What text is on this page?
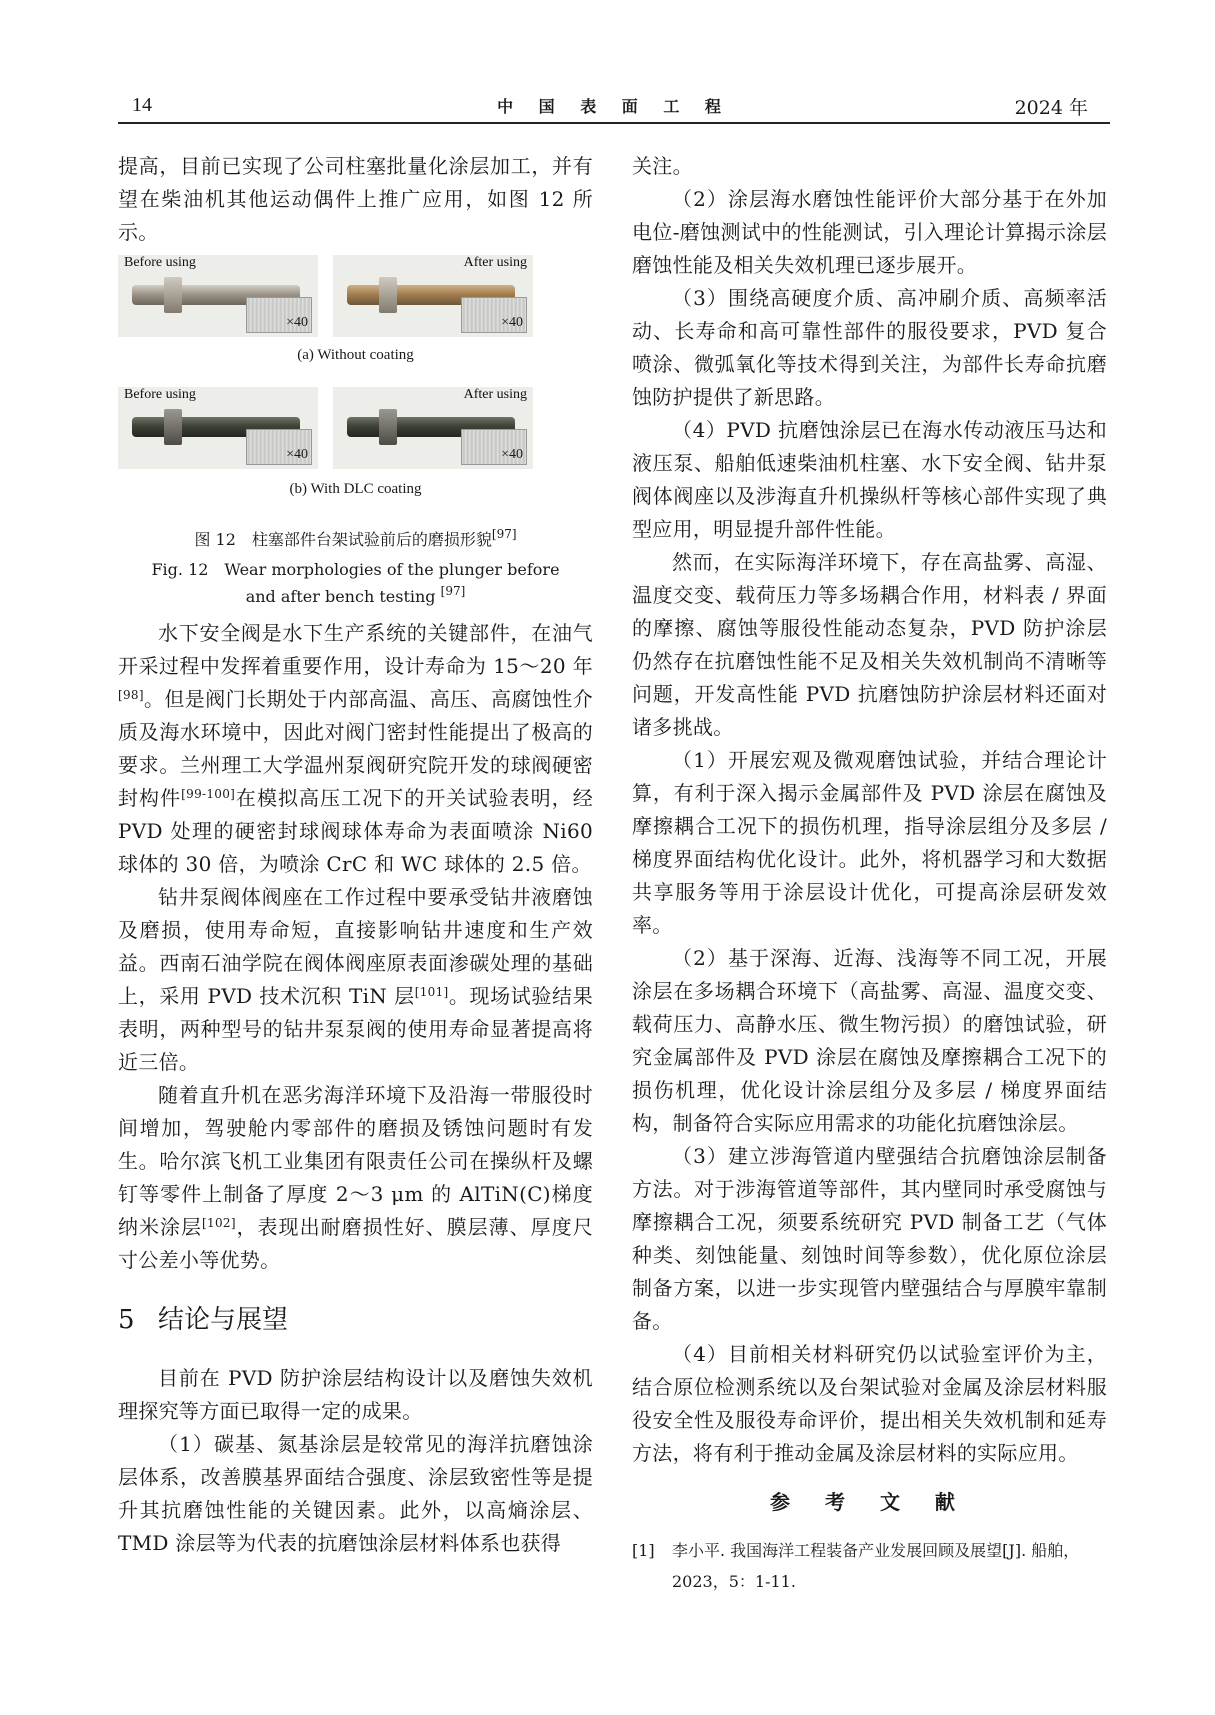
14	中 国 表 面 工 程	2024 年

提高，目前已实现了公司柱塞批量化涂层加工，并有望在柴油机其他运动偶件上推广应用，如图 12 所示。

Before using
×40
After using
×40
(a) Without coating
Before using
×40
After using
×40
(b) With DLC coating
图 12　柱塞部件台架试验前后的磨损形貌[97]
Fig. 12　Wear morphologies of the plunger before
and after bench testing [97]

水下安全阀是水下生产系统的关键部件，在油气开采过程中发挥着重要作用，设计寿命为 15～20 年[98]。但是阀门长期处于内部高温、高压、高腐蚀性介质及海水环境中，因此对阀门密封性能提出了极高的要求。兰州理工大学温州泵阀研究院开发的球阀硬密封构件[99-100]在模拟高压工况下的开关试验表明，经 PVD 处理的硬密封球阀球体寿命为表面喷涂 Ni60 球体的 30 倍，为喷涂 CrC 和 WC 球体的 2.5 倍。

钻井泵阀体阀座在工作过程中要承受钻井液磨蚀及磨损，使用寿命短，直接影响钻井速度和生产效益。西南石油学院在阀体阀座原表面渗碳处理的基础上，采用 PVD 技术沉积 TiN 层[101]。现场试验结果表明，两种型号的钻井泵泵阀的使用寿命显著提高将近三倍。

随着直升机在恶劣海洋环境下及沿海一带服役时间增加，驾驶舱内零部件的磨损及锈蚀问题时有发生。哈尔滨飞机工业集团有限责任公司在操纵杆及螺钉等零件上制备了厚度 2～3 μm 的 AlTiN(C)梯度纳米涂层[102]，表现出耐磨损性好、膜层薄、厚度尺寸公差小等优势。

5 结论与展望

目前在 PVD 防护涂层结构设计以及磨蚀失效机理探究等方面已取得一定的成果。

（1）碳基、氮基涂层是较常见的海洋抗磨蚀涂层体系，改善膜基界面结合强度、涂层致密性等是提升其抗磨蚀性能的关键因素。此外，以高熵涂层、TMD 涂层等为代表的抗磨蚀涂层材料体系也获得

关注。

（2）涂层海水磨蚀性能评价大部分基于在外加电位-磨蚀测试中的性能测试，引入理论计算揭示涂层磨蚀性能及相关失效机理已逐步展开。

（3）围绕高硬度介质、高冲刷介质、高频率活动、长寿命和高可靠性部件的服役要求，PVD 复合喷涂、微弧氧化等技术得到关注，为部件长寿命抗磨蚀防护提供了新思路。

（4）PVD 抗磨蚀涂层已在海水传动液压马达和液压泵、船舶低速柴油机柱塞、水下安全阀、钻井泵阀体阀座以及涉海直升机操纵杆等核心部件实现了典型应用，明显提升部件性能。

然而，在实际海洋环境下，存在高盐雾、高湿、温度交变、载荷压力等多场耦合作用，材料表 / 界面的摩擦、腐蚀等服役性能动态复杂，PVD 防护涂层仍然存在抗磨蚀性能不足及相关失效机制尚不清晰等问题，开发高性能 PVD 抗磨蚀防护涂层材料还面对诸多挑战。

（1）开展宏观及微观磨蚀试验，并结合理论计算，有利于深入揭示金属部件及 PVD 涂层在腐蚀及摩擦耦合工况下的损伤机理，指导涂层组分及多层 / 梯度界面结构优化设计。此外，将机器学习和大数据共享服务等用于涂层设计优化，可提高涂层研发效率。

（2）基于深海、近海、浅海等不同工况，开展涂层在多场耦合环境下（高盐雾、高湿、温度交变、载荷压力、高静水压、微生物污损）的磨蚀试验，研究金属部件及 PVD 涂层在腐蚀及摩擦耦合工况下的损伤机理，优化设计涂层组分及多层 / 梯度界面结构，制备符合实际应用需求的功能化抗磨蚀涂层。

（3）建立涉海管道内壁强结合抗磨蚀涂层制备方法。对于涉海管道等部件，其内壁同时承受腐蚀与摩擦耦合工况，须要系统研究 PVD 制备工艺（气体种类、刻蚀能量、刻蚀时间等参数），优化原位涂层制备方案，以进一步实现管内壁强结合与厚膜牢靠制备。

（4）目前相关材料研究仍以试验室评价为主，结合原位检测系统以及台架试验对金属及涂层材料服役安全性及服役寿命评价，提出相关失效机制和延寿方法，将有利于推动金属及涂层材料的实际应用。

参 考 文 献

[1] 李小平. 我国海洋工程装备产业发展回顾及展望[J]. 船舶，2023，5：1-11.
